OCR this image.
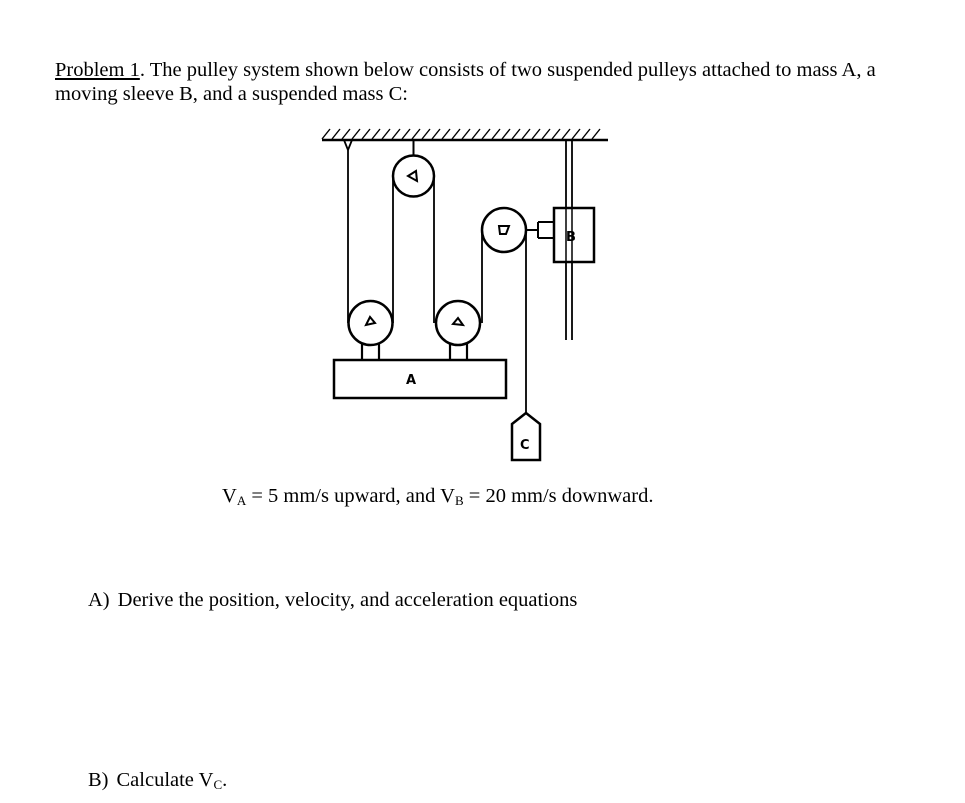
Problem 1. The pulley system shown below consists of two suspended pulleys attached to mass A, a moving sleeve B, and a suspended mass C:
B
A
C
$V_A = 5$ mm/s upward, and $V_B = 20$ mm/s downward.
A) Derive the position, velocity, and acceleration equations
B) Calculate $V_C$.
